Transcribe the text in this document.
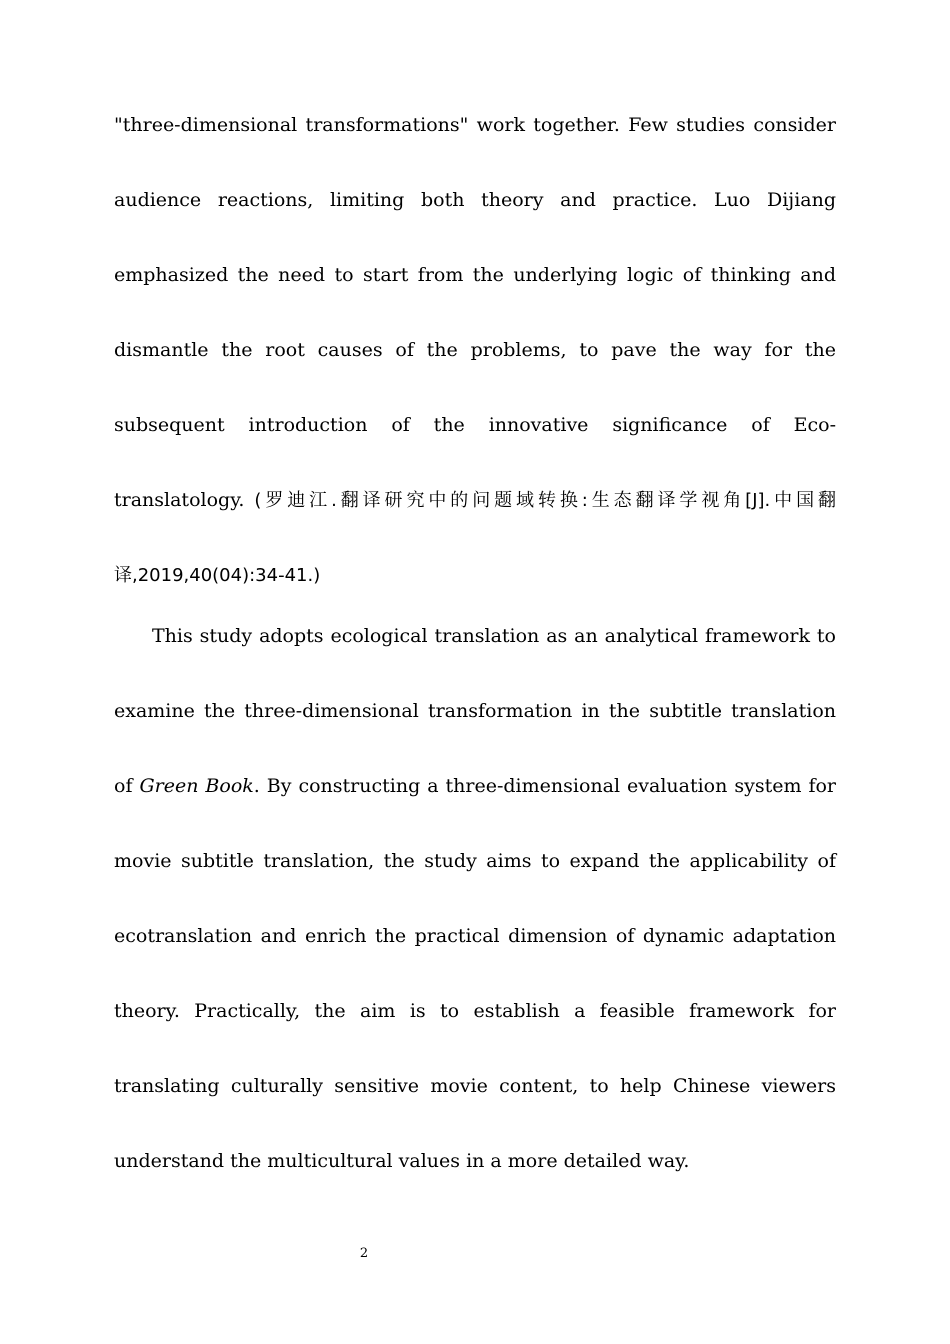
"three-dimensional transformations" work together. Few studies consider audience reactions, limiting both theory and practice. Luo Dijiang emphasized the need to start from the underlying logic of thinking and dismantle the root causes of the problems, to pave the way for the subsequent introduction of the innovative significance of Eco-translatology. (罗迪江.翻译研究中的问题域转换:生态翻译学视角[J].中国翻译,2019,40(04):34-41.)

This study adopts ecological translation as an analytical framework to examine the three-dimensional transformation in the subtitle translation of Green Book. By constructing a three-dimensional evaluation system for movie subtitle translation, the study aims to expand the applicability of ecotranslation and enrich the practical dimension of dynamic adaptation theory. Practically, the aim is to establish a feasible framework for translating culturally sensitive movie content, to help Chinese viewers understand the multicultural values in a more detailed way.

2
